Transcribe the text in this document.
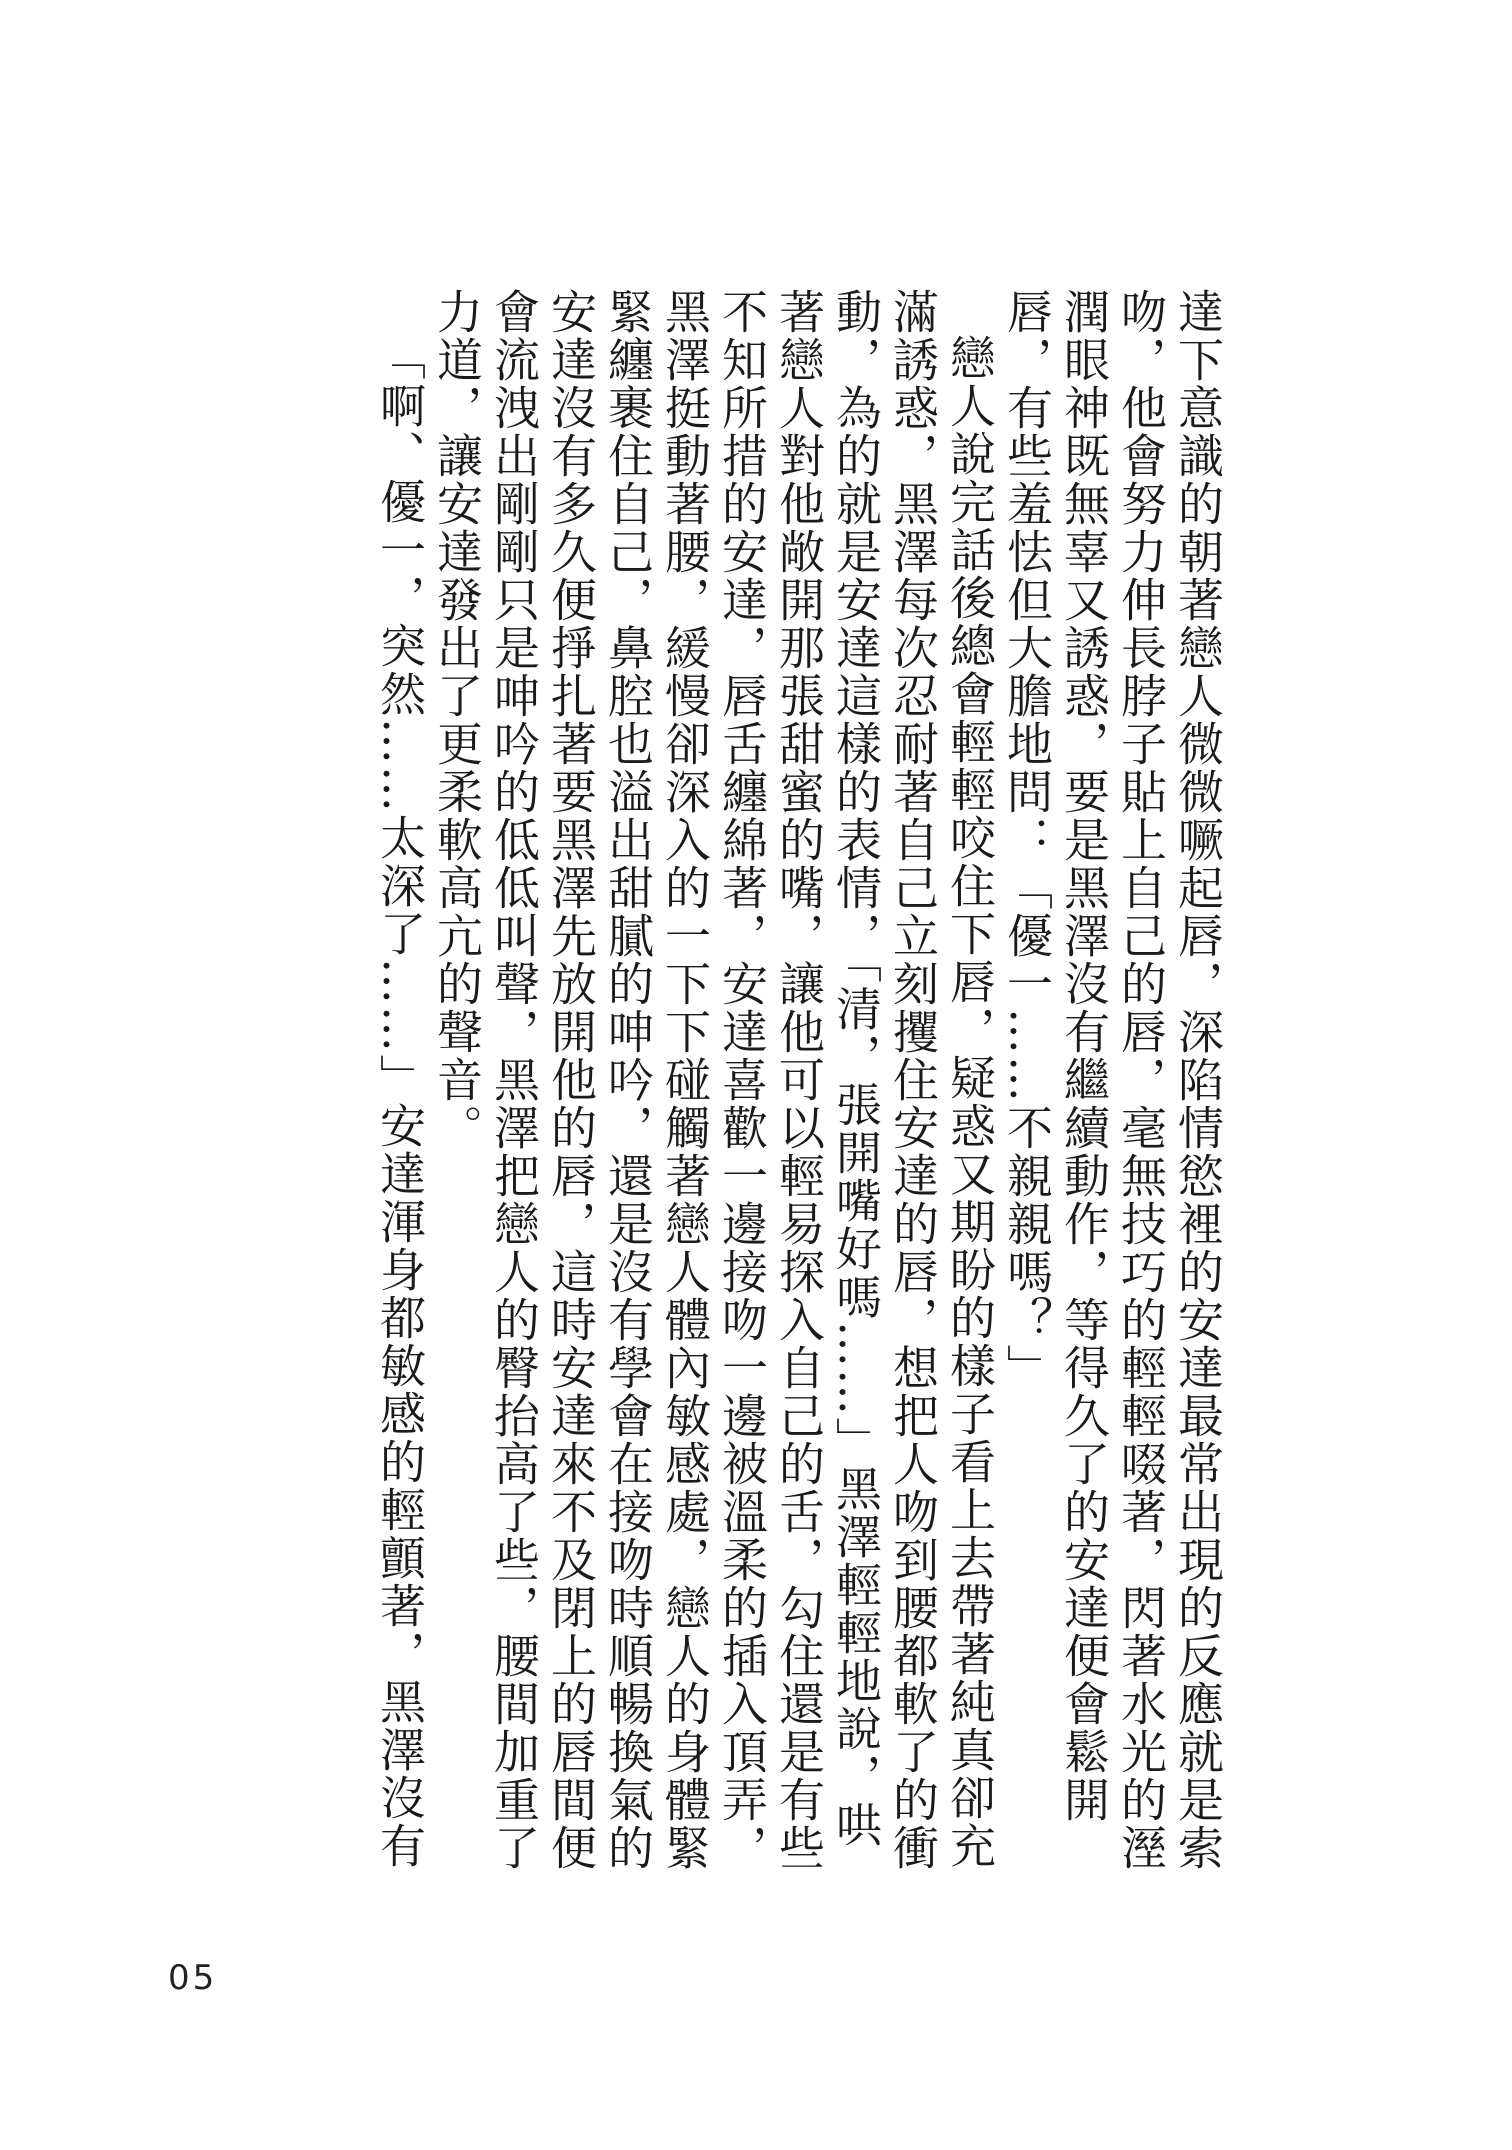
達下意識的朝著戀人微微噘起唇，深陷情慾裡的安達最常出現的反應就是索吻，他會努力伸長脖子貼上自己的唇，毫無技巧的輕輕啜著，閃著水光的溼潤眼神既無辜又誘惑，要是黑澤沒有繼續動作，等得久了的安達便會鬆開唇，有些羞怯但大膽地問：「優一……不親親嗎？」

戀人說完話後總會輕輕咬住下唇，疑惑又期盼的樣子看上去帶著純真卻充滿誘惑，黑澤每次忍耐著自己立刻攫住安達的唇，想把人吻到腰都軟了的衝動，為的就是安達這樣的表情，「清，張開嘴好嗎……」黑澤輕輕地說，哄著戀人對他敞開那張甜蜜的嘴，讓他可以輕易探入自己的舌，勾住還是有些不知所措的安達，唇舌纏綿著，安達喜歡一邊接吻一邊被溫柔的插入頂弄，黑澤挺動著腰，緩慢卻深入的一下下碰觸著戀人體內敏感處，戀人的身體緊緊纏裹住自己，鼻腔也溢出甜膩的呻吟，還是沒有學會在接吻時順暢換氣的安達沒有多久便掙扎著要黑澤先放開他的唇，這時安達來不及閉上的唇間便會流洩出剛剛只是呻吟的低低叫聲，黑澤把戀人的臀抬高了些，腰間加重了力道，讓安達發出了更柔軟高亢的聲音。

「啊、優一，突然……太深了……」安達渾身都敏感的輕顫著，黑澤沒有

05
